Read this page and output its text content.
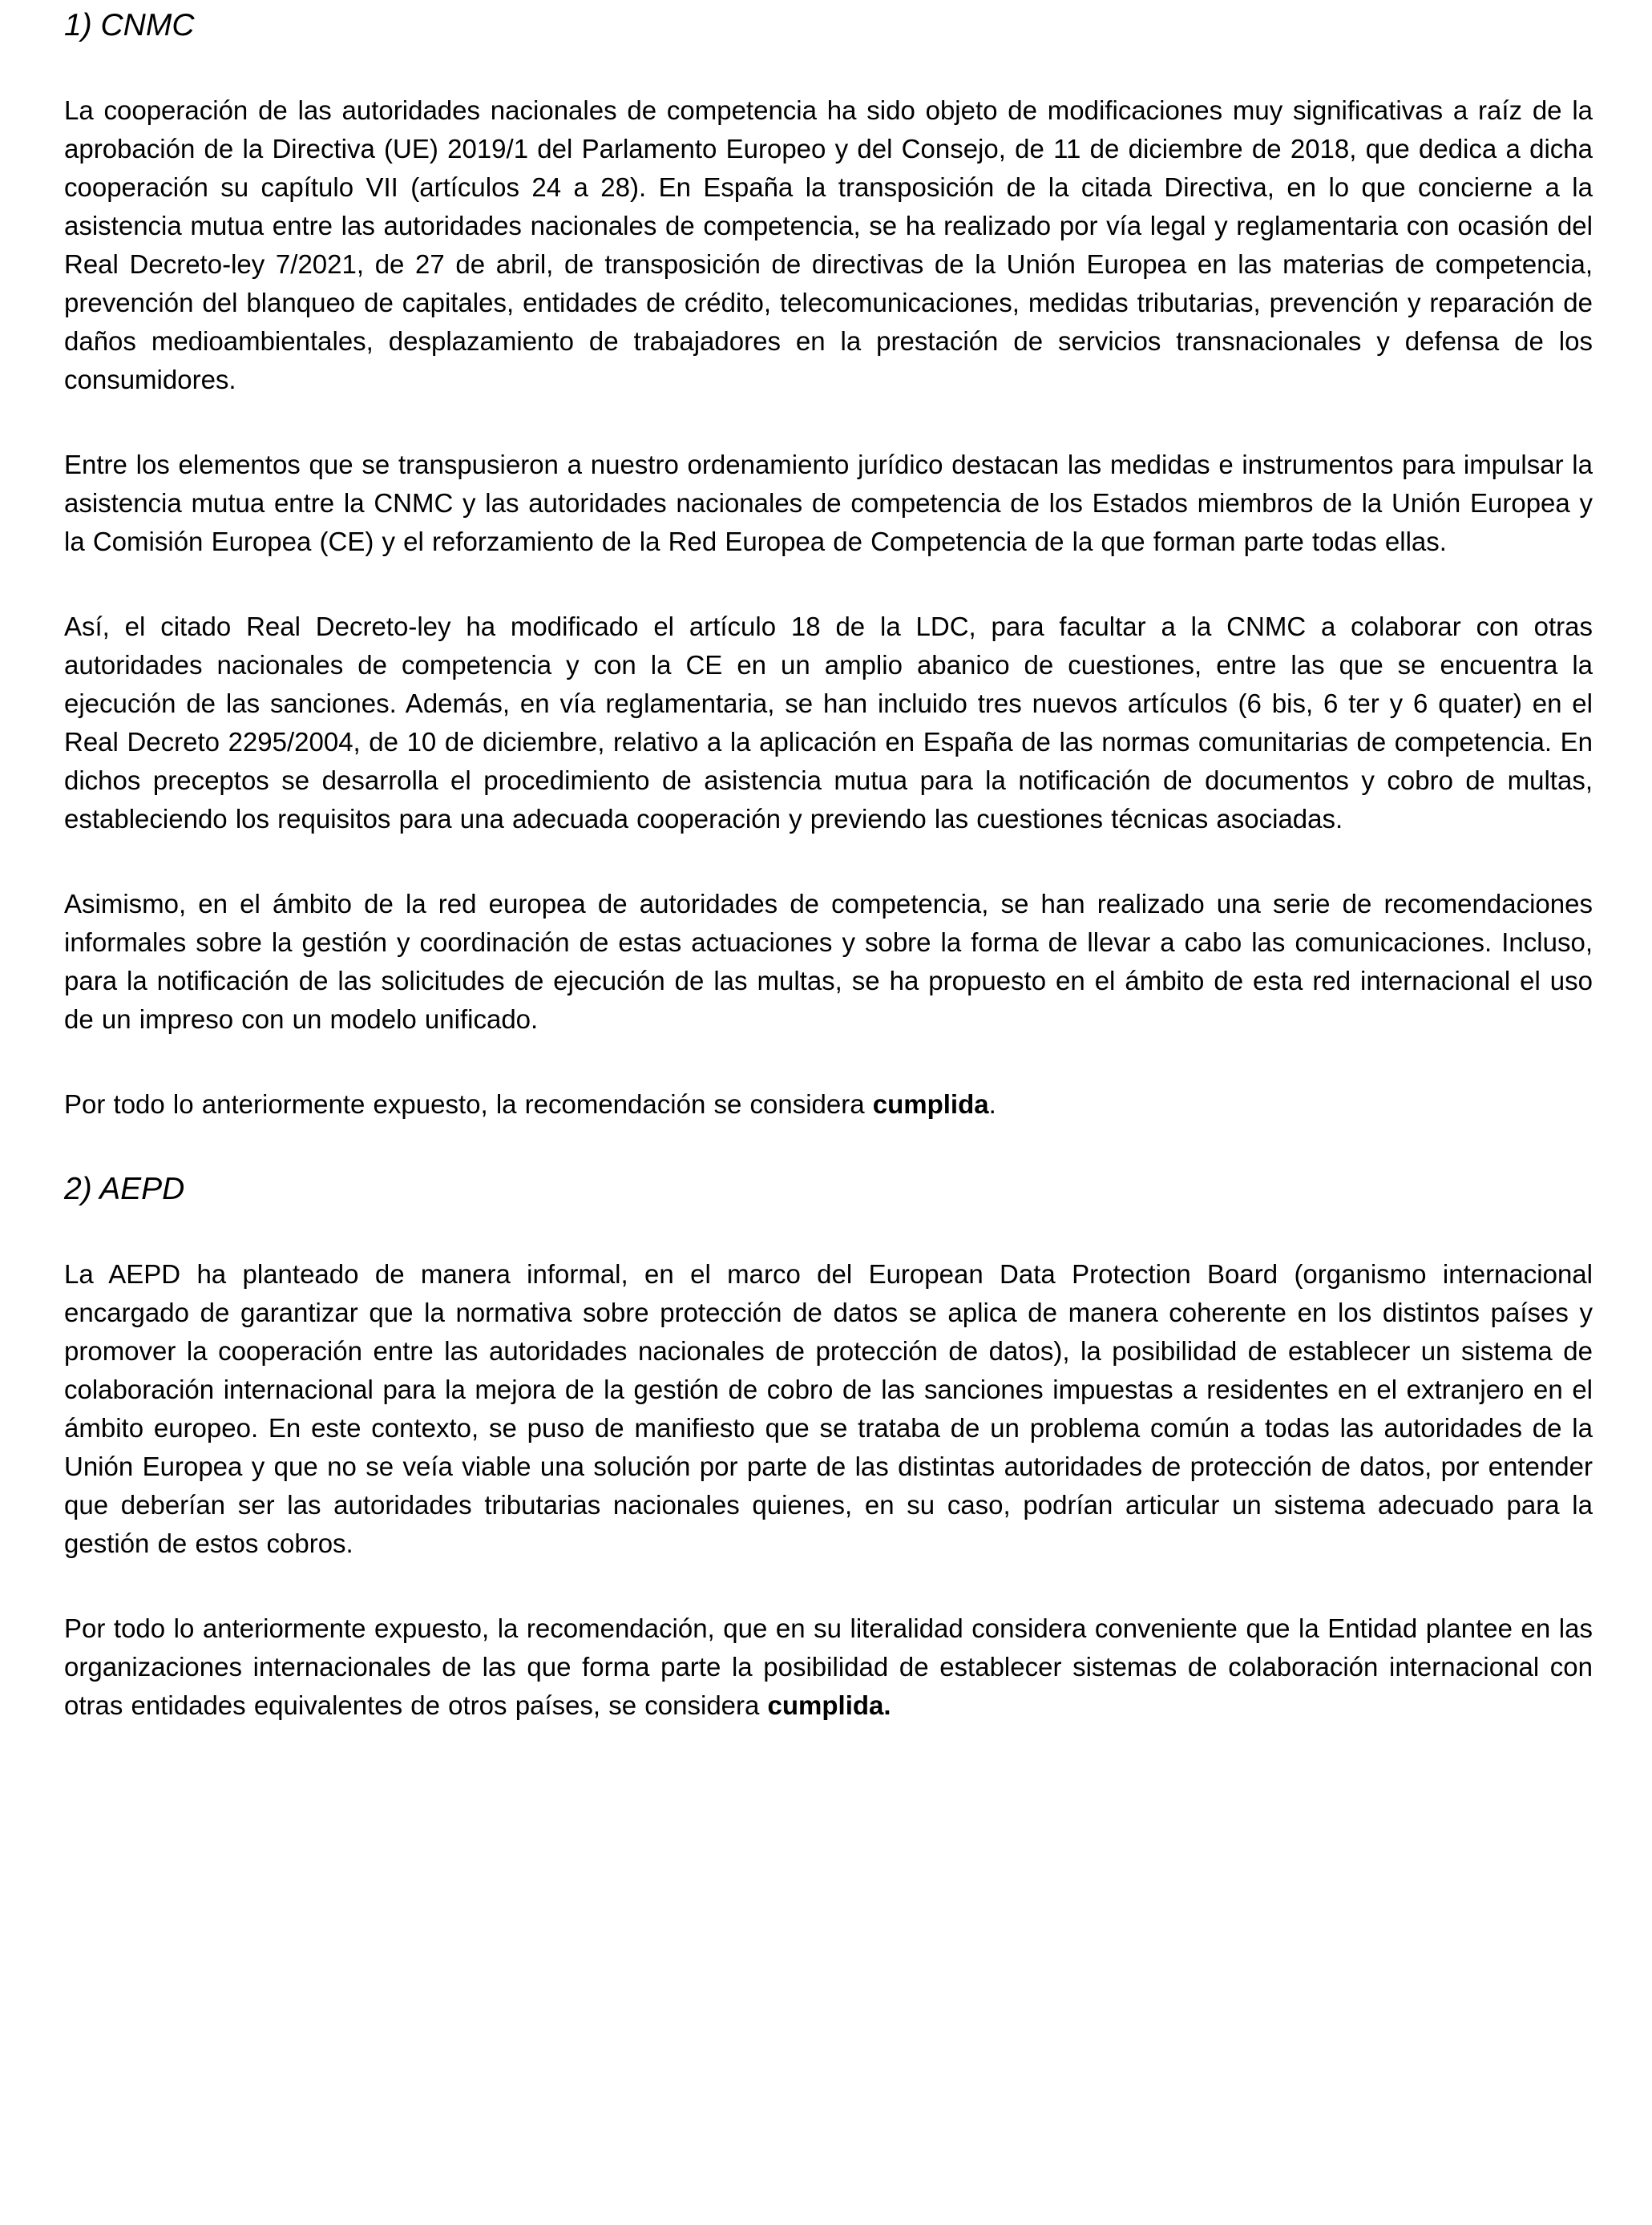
1) CNMC

La cooperación de las autoridades nacionales de competencia ha sido objeto de modificaciones muy significativas a raíz de la aprobación de la Directiva (UE) 2019/1 del Parlamento Europeo y del Consejo, de 11 de diciembre de 2018, que dedica a dicha cooperación su capítulo VII (artículos 24 a 28). En España la transposición de la citada Directiva, en lo que concierne a la asistencia mutua entre las autoridades nacionales de competencia, se ha realizado por vía legal y reglamentaria con ocasión del Real Decreto-ley 7/2021, de 27 de abril, de transposición de directivas de la Unión Europea en las materias de competencia, prevención del blanqueo de capitales, entidades de crédito, telecomunicaciones, medidas tributarias, prevención y reparación de daños medioambientales, desplazamiento de trabajadores en la prestación de servicios transnacionales y defensa de los consumidores.

Entre los elementos que se transpusieron a nuestro ordenamiento jurídico destacan las medidas e instrumentos para impulsar la asistencia mutua entre la CNMC y las autoridades nacionales de competencia de los Estados miembros de la Unión Europea y la Comisión Europea (CE) y el reforzamiento de la Red Europea de Competencia de la que forman parte todas ellas.

Así, el citado Real Decreto-ley ha modificado el artículo 18 de la LDC, para facultar a la CNMC a colaborar con otras autoridades nacionales de competencia y con la CE en un amplio abanico de cuestiones, entre las que se encuentra la ejecución de las sanciones. Además, en vía reglamentaria, se han incluido tres nuevos artículos (6 bis, 6 ter y 6 quater) en el Real Decreto 2295/2004, de 10 de diciembre, relativo a la aplicación en España de las normas comunitarias de competencia. En dichos preceptos se desarrolla el procedimiento de asistencia mutua para la notificación de documentos y cobro de multas, estableciendo los requisitos para una adecuada cooperación y previendo las cuestiones técnicas asociadas.

Asimismo, en el ámbito de la red europea de autoridades de competencia, se han realizado una serie de recomendaciones informales sobre la gestión y coordinación de estas actuaciones y sobre la forma de llevar a cabo las comunicaciones. Incluso, para la notificación de las solicitudes de ejecución de las multas, se ha propuesto en el ámbito de esta red internacional el uso de un impreso con un modelo unificado.

Por todo lo anteriormente expuesto, la recomendación se considera cumplida.

2) AEPD

La AEPD ha planteado de manera informal, en el marco del European Data Protection Board (organismo internacional encargado de garantizar que la normativa sobre protección de datos se aplica de manera coherente en los distintos países y promover la cooperación entre las autoridades nacionales de protección de datos), la posibilidad de establecer un sistema de colaboración internacional para la mejora de la gestión de cobro de las sanciones impuestas a residentes en el extranjero en el ámbito europeo. En este contexto, se puso de manifiesto que se trataba de un problema común a todas las autoridades de la Unión Europea y que no se veía viable una solución por parte de las distintas autoridades de protección de datos, por entender que deberían ser las autoridades tributarias nacionales quienes, en su caso, podrían articular un sistema adecuado para la gestión de estos cobros.

Por todo lo anteriormente expuesto, la recomendación, que en su literalidad considera conveniente que la Entidad plantee en las organizaciones internacionales de las que forma parte la posibilidad de establecer sistemas de colaboración internacional con otras entidades equivalentes de otros países, se considera cumplida.
